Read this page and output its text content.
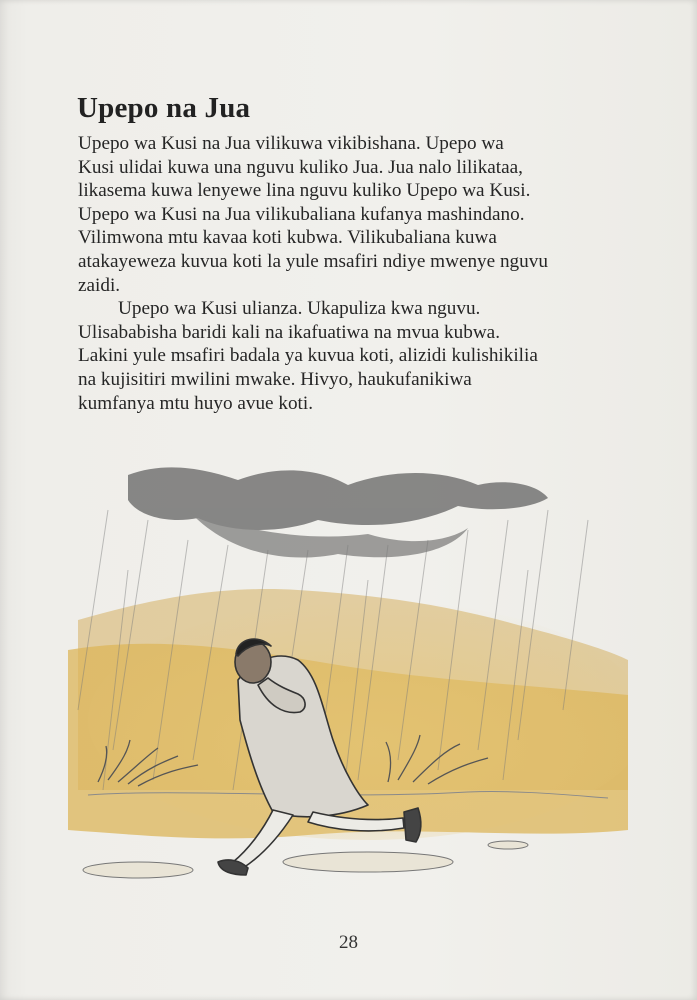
Upepo na Jua

Upepo wa Kusi na Jua vilikuwa vikibishana. Upepo wa
Kusi ulidai kuwa una nguvu kuliko Jua. Jua nalo lilikataa,
likasema kuwa lenyewe lina nguvu kuliko Upepo wa Kusi.
Upepo wa Kusi na Jua vilikubaliana kufanya mashindano.
Vilimwona mtu kavaa koti kubwa. Vilikubaliana kuwa
atakayeweza kuvua koti la yule msafiri ndiye mwenye nguvu
zaidi.

Upepo wa Kusi ulianza. Ukapuliza kwa nguvu.
Ulisababisha baridi kali na ikafuatiwa na mvua kubwa.
Lakini yule msafiri badala ya kuvua koti, alizidi kulishikilia
na kujisitiri mwilini mwake. Hivyo, haukufanikiwa
kumfanya mtu huyo avue koti.

28
